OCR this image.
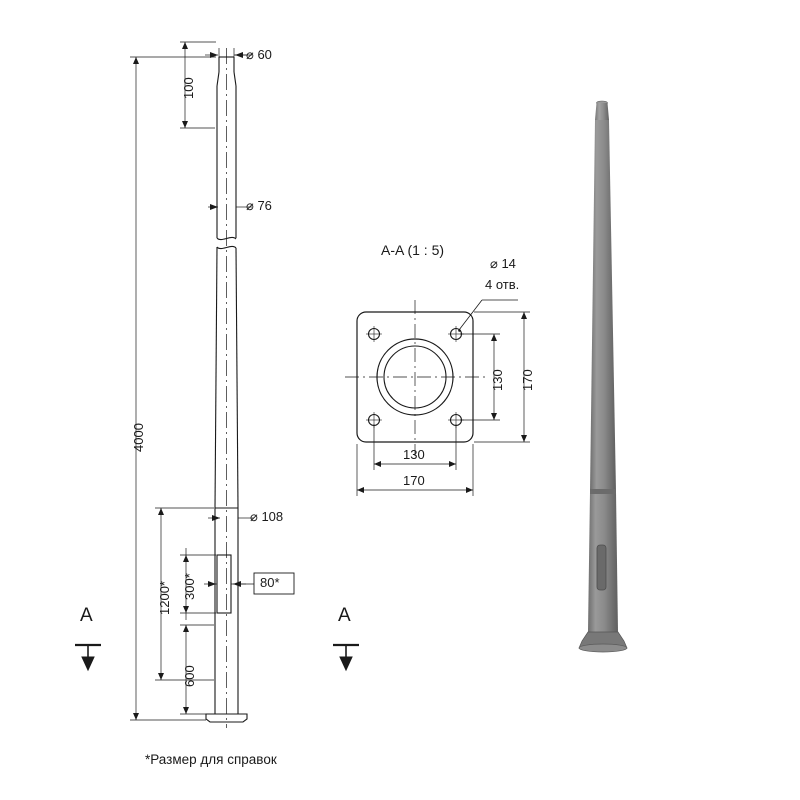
⌀ 60
100
⌀ 76
4000
⌀ 108
80*
300*
1200*
600
A	A
A-A (1 : 5)
⌀ 14
4 отв.
130 170
130
170
*Размер для справок
